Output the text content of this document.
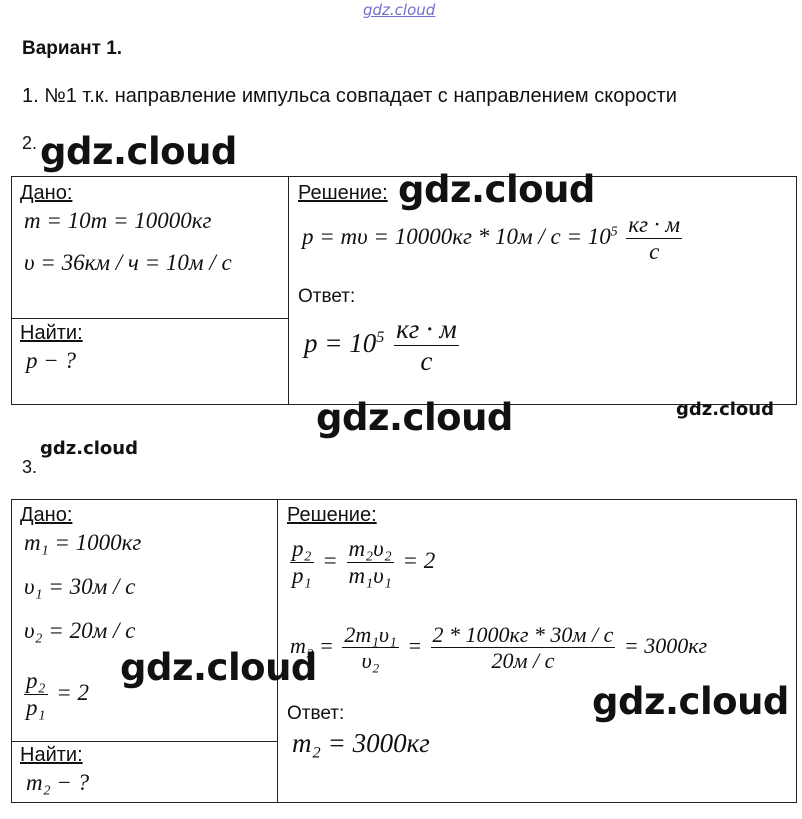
gdz.cloud
Вариант 1.
1. №1 т.к. направление импульса совпадает с направлением скорости
2. gdz.cloud
Дано:
m = 10т = 10000кг
υ = 36км / ч = 10м / с
Найти:
p − ?
Решение: gdz.cloud
$p = m\upsilon = 10000кг * 10м / с = 10^5 \frac{кг \cdot м}{с}$
Ответ:
$p = 10^5 \frac{кг \cdot м}{с}$
gdz.cloud	gdz.cloud
gdz.cloud
3.
Дано:
m₁ = 1000кг
υ₁ = 30м / с
υ₂ = 20м / с
$\frac{\text{p₂}}{\text{p₁}} = 2$
Найти:
m₂ − ?
Решение:
$\frac{\text{p₂}}{\text{p₁}} = \frac{\text{m₂υ₂}}{\text{m₁υ₁}} = 2$
$m_2 = \frac{\text{2m₁υ₁}}{\text{υ₂}} = \frac{2 * 1000кг * 30м / с}{20м / с} = 3000кг$
gdz.cloud
gdz.cloud
Ответ:
m₂ = 3000кг
